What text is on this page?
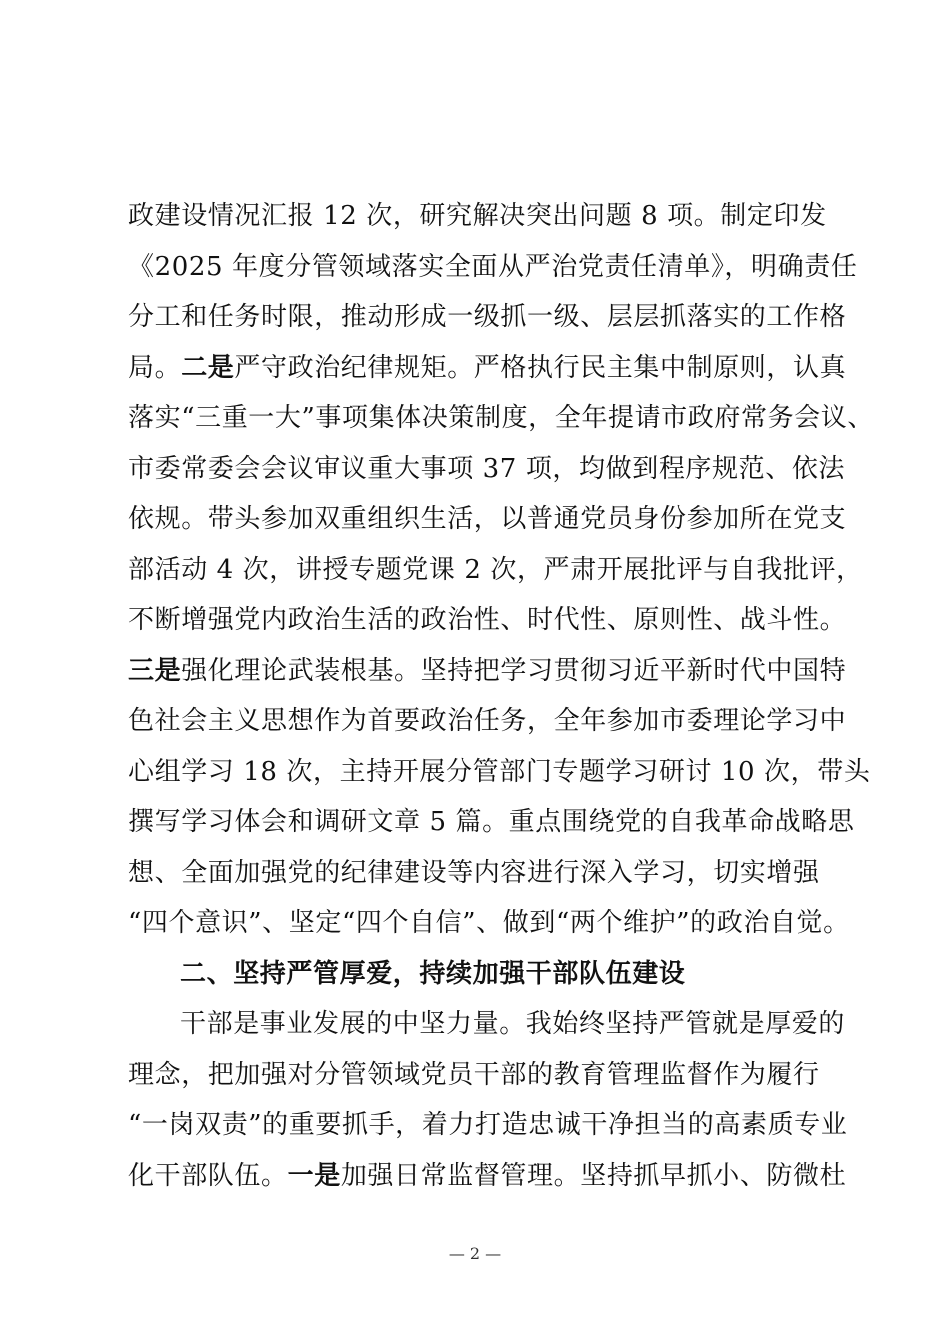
政建设情况汇报 12 次，研究解决突出问题 8 项。制定印发
《2025 年度分管领域落实全面从严治党责任清单》，明确责任
分工和任务时限，推动形成一级抓一级、层层抓落实的工作格
局。二是严守政治纪律规矩。严格执行民主集中制原则，认真
落实“三重一大”事项集体决策制度，全年提请市政府常务会议、
市委常委会会议审议重大事项 37 项，均做到程序规范、依法
依规。带头参加双重组织生活，以普通党员身份参加所在党支
部活动 4 次，讲授专题党课 2 次，严肃开展批评与自我批评，
不断增强党内政治生活的政治性、时代性、原则性、战斗性。
三是强化理论武装根基。坚持把学习贯彻习近平新时代中国特
色社会主义思想作为首要政治任务，全年参加市委理论学习中
心组学习 18 次，主持开展分管部门专题学习研讨 10 次，带头
撰写学习体会和调研文章 5 篇。重点围绕党的自我革命战略思
想、全面加强党的纪律建设等内容进行深入学习，切实增强
“四个意识”、坚定“四个自信”、做到“两个维护”的政治自觉。
二、坚持严管厚爱，持续加强干部队伍建设
干部是事业发展的中坚力量。我始终坚持严管就是厚爱的
理念，把加强对分管领域党员干部的教育管理监督作为履行
“一岗双责”的重要抓手，着力打造忠诚干净担当的高素质专业
化干部队伍。一是加强日常监督管理。坚持抓早抓小、防微杜
— 2 —
